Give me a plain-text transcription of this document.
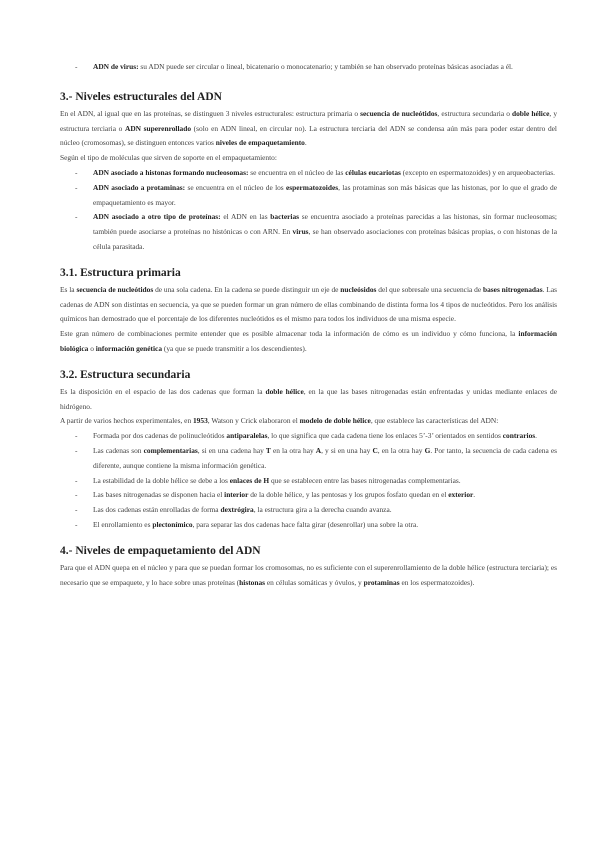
- ADN de virus: su ADN puede ser circular o lineal, bicatenario o monocatenario; y también se han observado proteínas básicas asociadas a él.

3.- Niveles estructurales del ADN

En el ADN, al igual que en las proteínas, se distinguen 3 niveles estructurales: estructura primaria o secuencia de nucleótidos, estructura secundaria o doble hélice, y estructura terciaria o ADN superenrollado (solo en ADN lineal, en circular no). La estructura terciaria del ADN se condensa aún más para poder estar dentro del núcleo (cromosomas), se distinguen entonces varios niveles de empaquetamiento.

Según el tipo de moléculas que sirven de soporte en el empaquetamiento:

- ADN asociado a histonas formando nucleosomas: se encuentra en el núcleo de las células eucariotas (excepto en espermatozoides) y en arqueobacterias.

- ADN asociado a protaminas: se encuentra en el núcleo de los espermatozoides, las protaminas son más básicas que las histonas, por lo que el grado de empaquetamiento es mayor.

- ADN asociado a otro tipo de proteínas: el ADN en las bacterias se encuentra asociado a proteínas parecidas a las histonas, sin formar nucleosomas; también puede asociarse a proteínas no histónicas o con ARN. En virus, se han observado asociaciones con proteínas básicas propias, o con histonas de la célula parasitada.

3.1. Estructura primaria

Es la secuencia de nucleótidos de una sola cadena. En la cadena se puede distinguir un eje de nucleósidos del que sobresale una secuencia de bases nitrogenadas. Las cadenas de ADN son distintas en secuencia, ya que se pueden formar un gran número de ellas combinando de distinta forma los 4 tipos de nucleótidos. Pero los análisis químicos han demostrado que el porcentaje de los diferentes nucleótidos es el mismo para todos los individuos de una misma especie.

Este gran número de combinaciones permite entender que es posible almacenar toda la información de cómo es un individuo y cómo funciona, la información biológica o información genética (ya que se puede transmitir a los descendientes).

3.2. Estructura secundaria

Es la disposición en el espacio de las dos cadenas que forman la doble hélice, en la que las bases nitrogenadas están enfrentadas y unidas mediante enlaces de hidrógeno.

A partir de varios hechos experimentales, en 1953, Watson y Crick elaboraron el modelo de doble hélice, que establece las características del ADN:

- Formada por dos cadenas de polinucleótidos antiparalelas, lo que significa que cada cadena tiene los enlaces 5’-3’ orientados en sentidos contrarios.

- Las cadenas son complementarias, si en una cadena hay T en la otra hay A, y si en una hay C, en la otra hay G. Por tanto, la secuencia de cada cadena es diferente, aunque contiene la misma información genética.

- La estabilidad de la doble hélice se debe a los enlaces de H que se establecen entre las bases nitrogenadas complementarias.

- Las bases nitrogenadas se disponen hacia el interior de la doble hélice, y las pentosas y los grupos fosfato quedan en el exterior.

- Las dos cadenas están enrolladas de forma dextrógira, la estructura gira a la derecha cuando avanza.

- El enrollamiento es plectonímico, para separar las dos cadenas hace falta girar (desenrollar) una sobre la otra.

4.- Niveles de empaquetamiento del ADN

Para que el ADN quepa en el núcleo y para que se puedan formar los cromosomas, no es suficiente con el superenrollamiento de la doble hélice (estructura terciaria); es necesario que se empaquete, y lo hace sobre unas proteínas (histonas en células somáticas y óvulos, y protaminas en los espermatozoides).
